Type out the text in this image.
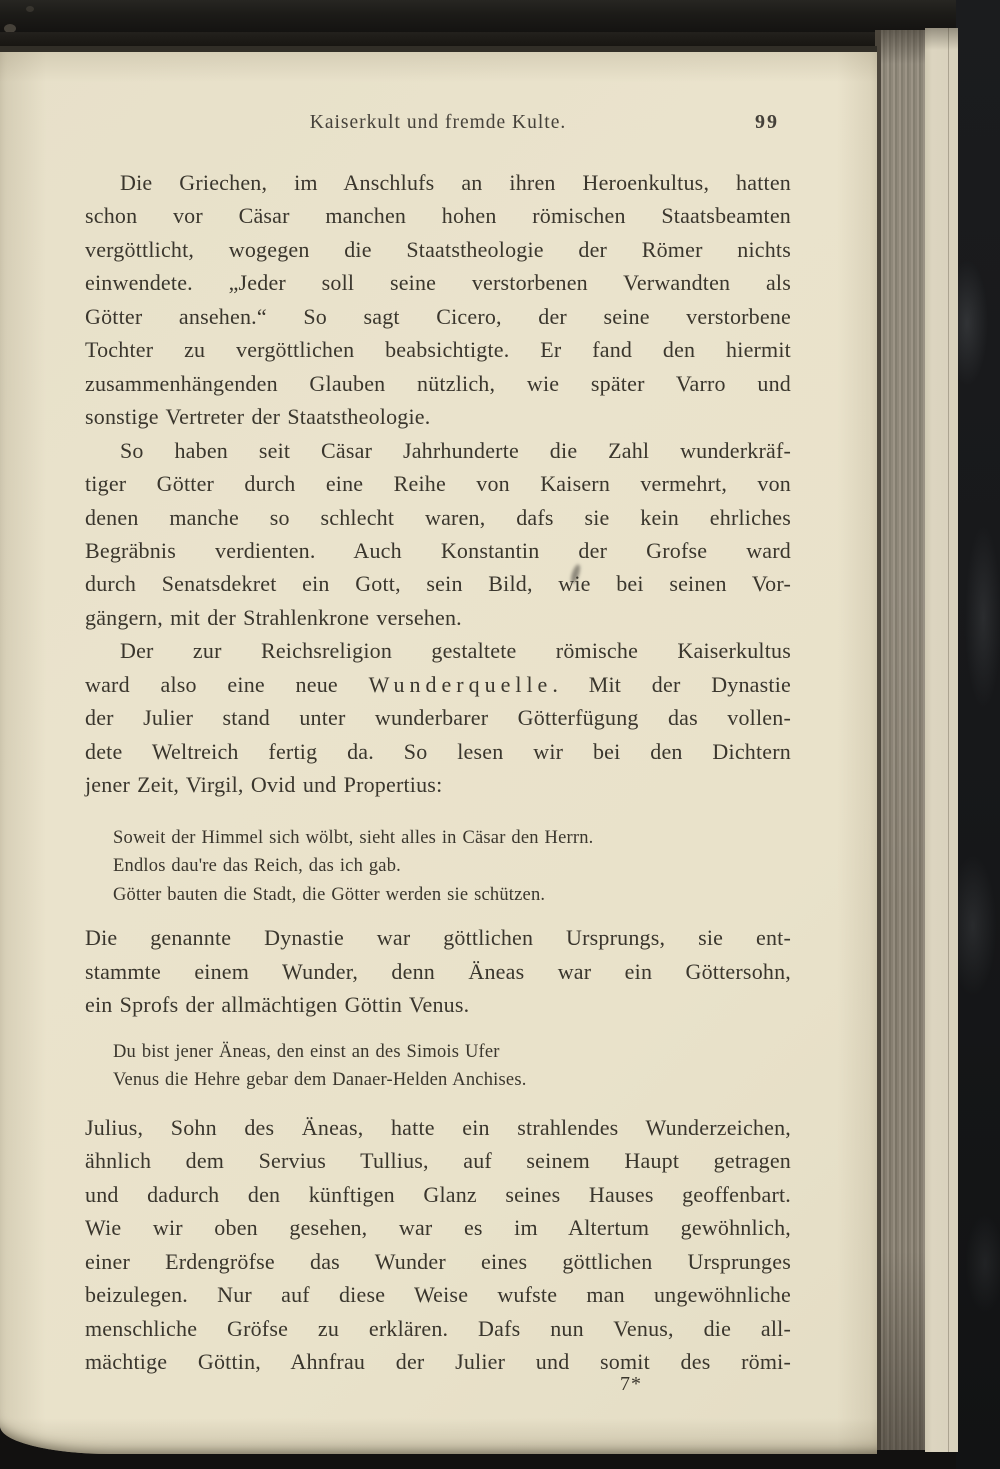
Kaiserkult und fremde Kulte.	99
Die Griechen, im Anschlufs an ihren Heroenkultus, hatten
schon vor Cäsar manchen hohen römischen Staatsbeamten
vergöttlicht, wogegen die Staatstheologie der Römer nichts
einwendete. „Jeder soll seine verstorbenen Verwandten als
Götter ansehen.“ So sagt Cicero, der seine verstorbene
Tochter zu vergöttlichen beabsichtigte. Er fand den hiermit
zusammenhängenden Glauben nützlich, wie später Varro und
sonstige Vertreter der Staatstheologie.
So haben seit Cäsar Jahrhunderte die Zahl wunderkräf-
tiger Götter durch eine Reihe von Kaisern vermehrt, von
denen manche so schlecht waren, dafs sie kein ehrliches
Begräbnis verdienten. Auch Konstantin der Grofse ward
durch Senatsdekret ein Gott, sein Bild, wie bei seinen Vor-
gängern, mit der Strahlenkrone versehen.
Der zur Reichsreligion gestaltete römische Kaiserkultus
ward also eine neue Wunderquelle. Mit der Dynastie
der Julier stand unter wunderbarer Götterfügung das vollen-
dete Weltreich fertig da. So lesen wir bei den Dichtern
jener Zeit, Virgil, Ovid und Propertius:
Soweit der Himmel sich wölbt, sieht alles in Cäsar den Herrn.
Endlos dau're das Reich, das ich gab.
Götter bauten die Stadt, die Götter werden sie schützen.
Die genannte Dynastie war göttlichen Ursprungs, sie ent-
stammte einem Wunder, denn Äneas war ein Göttersohn,
ein Sprofs der allmächtigen Göttin Venus.
Du bist jener Äneas, den einst an des Simois Ufer
Venus die Hehre gebar dem Danaer-Helden Anchises.
Julius, Sohn des Äneas, hatte ein strahlendes Wunderzeichen,
ähnlich dem Servius Tullius, auf seinem Haupt getragen
und dadurch den künftigen Glanz seines Hauses geoffenbart.
Wie wir oben gesehen, war es im Altertum gewöhnlich,
einer Erdengröfse das Wunder eines göttlichen Ursprunges
beizulegen. Nur auf diese Weise wufste man ungewöhnliche
menschliche Gröfse zu erklären. Dafs nun Venus, die all-
mächtige Göttin, Ahnfrau der Julier und somit des römi-
7*
